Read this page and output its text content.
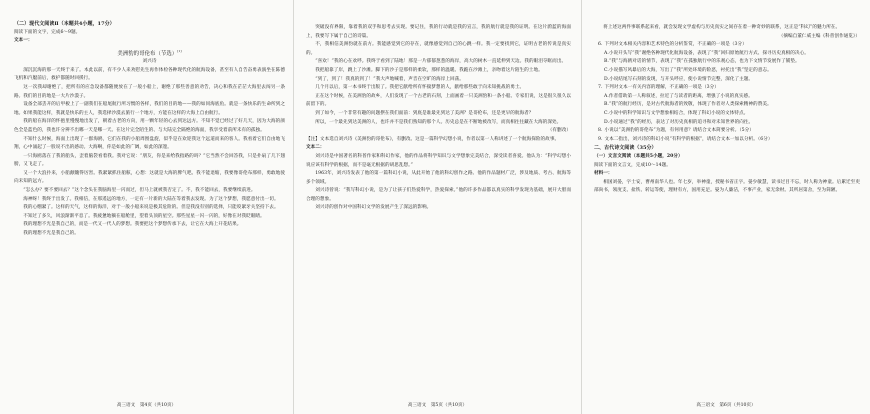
（二）现代文阅读Ⅱ（本题共4小题，17分）

阅读下面的文字，完成6～9题。

文本一：

美洲豹的哥伦布（节选）[1]

刘兴诗

深沉沉海的那一天终于来了。本此以前，有不少人来劝慰先生再作体检各种现代化的航海设备，甚至有人自告奋勇表演坐在陈德飞机和汽艇前后，救护都随时回援行。

这一次我却谢绝了，把所有的应急设备都随便放在了一般小船上，谢绝了那些善意的劝告，决心和我在茫茫大海里去闯另一条路。我们的目的地是一大片沙漠子。

设备全部丢开的后甲板上了一副我们在船尾航行所习惯的各样，我们的目的地——我的如同海底鱼。就是一条快乐的生命所到之地。如果我能这样，我就是快乐的主人，我选择沙漠去旅行一个地方，方能在这样的大海上自由航行。

我的船在海洋的怀抱里慢慢地出发了，朝着古老的方向，用一颗年轻的心去到达远方。不知不觉已经过了好几天，因为大海的颜色全是蓝色的，我也许分辨不出哪一天是哪一天。在这片完全陌生的、与大陆完全隔绝的海面，我享受着前所未有的孤独。

不知什么时候，海面上出现了一群海鸥，它们在我的小船周围盘旋，似乎是在欢迎我这个远道而来的客人。我看着它们自由地飞翔，心中涌起了一股说不出的感动。大海啊，你是如此的广阔，如此的深邃。

一只海鸥落在了我的船头，歪着脑袋看着我。我对它说：“朋友，你是来给我指路的吗？”它当然不会回答我，只是扑扇了几下翅膀，又飞走了。

又一个大浪扑来，小船颠簸得厉害。我紧紧抓住船舷，心想：这就是大海的脾气吧。我不能退缩，我要像哥伦布那样，勇敢地驶向未知的远方。

“怎么办？要不要回去？”这个念头在我脑海里一闪而过，但马上就被我否定了。不，我不能回去，我要继续前进。

海神呀！我终于出发了。我相信，在那遥远的地方，一定有一片新的大陆在等着我去发现。为了这个梦想，我愿意付出一切。

我的心绷紧了。这样的天气，这样的海洋，对于一般小船来说是极其危险的。但是我没有别的选择，只能咬紧牙关坚持下去。

不知过了多久，风浪渐渐平息了。我疲惫地躺在船舱里，望着头顶的星空。那些星星一闪一闪的，好像在对我眨眼睛。

我的理想不光是我自己的，而是一代又一代人的梦想。我要把这个梦想传承下去，让它在大海上开花结果。

我的理想不光是我自己的。

高三语文　第4页（共10页）

突破没有界限，靠着我的双手和思考去实现。要记住，我的行动就是我的宣言，我的航行就是我的证明。在这片蔚蓝的海面上，我要写下属于自己的诗篇。

不，我相信美洲豹就在前方。我能感觉到它的存在，就像感觉到自己的心跳一样。我一定要找到它，证明古老的传说是真实的。

“喜欢！”我的心在欢呼。我终于看到了陆地！那是一片郁郁葱葱的海岸，高大的树木一直延伸到天边。我的眼泪夺眶而出。

我把船靠了岸，跳上了沙滩。脚下的沙子是那样的柔软，那样的温暖。我跪在沙滩上，亲吻着这片陌生的土地。

“到了，到了！我真的到了！”我大声地喊着，声音在空旷的海岸上回荡。

几个月以后，第一本书终于出版了。我把它献给所有怀揣梦想的人，献给那些敢于向未知挑战的勇士。

正在这个时候，在美洲豹的故乡，人们发现了一个古老的石刻，上面画着一只美洲豹和一条小船。专家们说，这是很久很久以前留下的。

到了如今，一个非常有趣的问题摆在我们面前：到底是谁最先到达了美洲？是哥伦布，还是更早的航海者？

所以，一个最先到达美洲的人，也许并不是我们熟知的那个人。历史总是在不断地被改写，而真相往往藏在大海的深处。

（有删改）

【注】文本选自刘兴诗《美洲豹的哥伦布》，有删改。这是一篇科学幻想小说，作者以第一人称讲述了一个航海探险的故事。

文本二：

刘兴诗是中国著名的科普作家和科幻作家，他的作品将科学知识与文学想象完美结合，深受读者喜爱。他认为：“科学幻想小说应该有科学的根据，而不是毫无根据的胡思乱想。”

1963年，刘兴诗发表了他的第一篇科幻小说，从此开始了他的科幻创作之路。他的作品题材广泛，涉及地质、考古、航海等多个领域。

刘兴诗曾说：“我写科幻小说，是为了让孩子们热爱科学，热爱探索。”他的许多作品都以真实的科学发现为基础，展开大胆而合理的想象。

刘兴诗的创作对中国科幻文学的发展产生了深远的影响。

高三语文　第5页（共10页）

将上述这两件事联系起来看，就会发现文学虚构与历史真实之间存在着一种奇妙的联系，这正是“科幻”的魅力所在。

（摘编自董仁威主编《科普创作通览》）

6. 下列对文本相关内容和艺术特色的分析鉴赏，不正确的一项是（3分）

A.小说开头写“我”谢绝各种现代化航海设备，表现了“我”回归原始航行方式、探寻历史真相的决心。

B.“我”与海鸥对话的情节，表现了“我”在孤独航行中的乐观心态，也为下文情节发展作了铺垫。

C.小说描写风暴后的大海，写出了“我”所处环境的险恶，衬托出“我”坚定的意志。

D.小说结尾写石刻的发现，与开头呼应，使小说情节完整，深化了主题。

7. 下列对文本一有关内容的理解，不正确的一项是（3分）

A.作者借助第一人称叙述，拉近了与读者的距离，增强了小说的真实感。

B.“我”的航行经历，是对古代航海者的致敬，体现了作者对人类探索精神的赞美。

C.小说中的科学知识与文学想象相结合，体现了科幻小说的文体特点。

D.小说通过“我”的经历，表达了对历史真相的追寻和对未知世界的向往。

8. 小说以“美洲豹的哥伦布”为题，有何用意？请结合文本简要分析。（5分）

9. 文本二指出，刘兴诗的科幻小说“有科学的根据”，请结合文本一加以分析。（6分）

二、古代诗文阅读（35分）

（一）文言文阅读（本题共5小题，20分）

阅读下面的文言文，完成10～14题。

材料一：

相国刘晏，字士安，曹州南华人也。年七岁，举神童，授秘书省正字。晏少敏慧，读书过目不忘，时人称为神童。后累迁至吏部尚书，领度支、盐铁、转运等使，理财有方，国用充足。晏为人廉洁，不事产业，家无余财。其所居第舍，至为简陋。

高三语文　第6页（共10页）
